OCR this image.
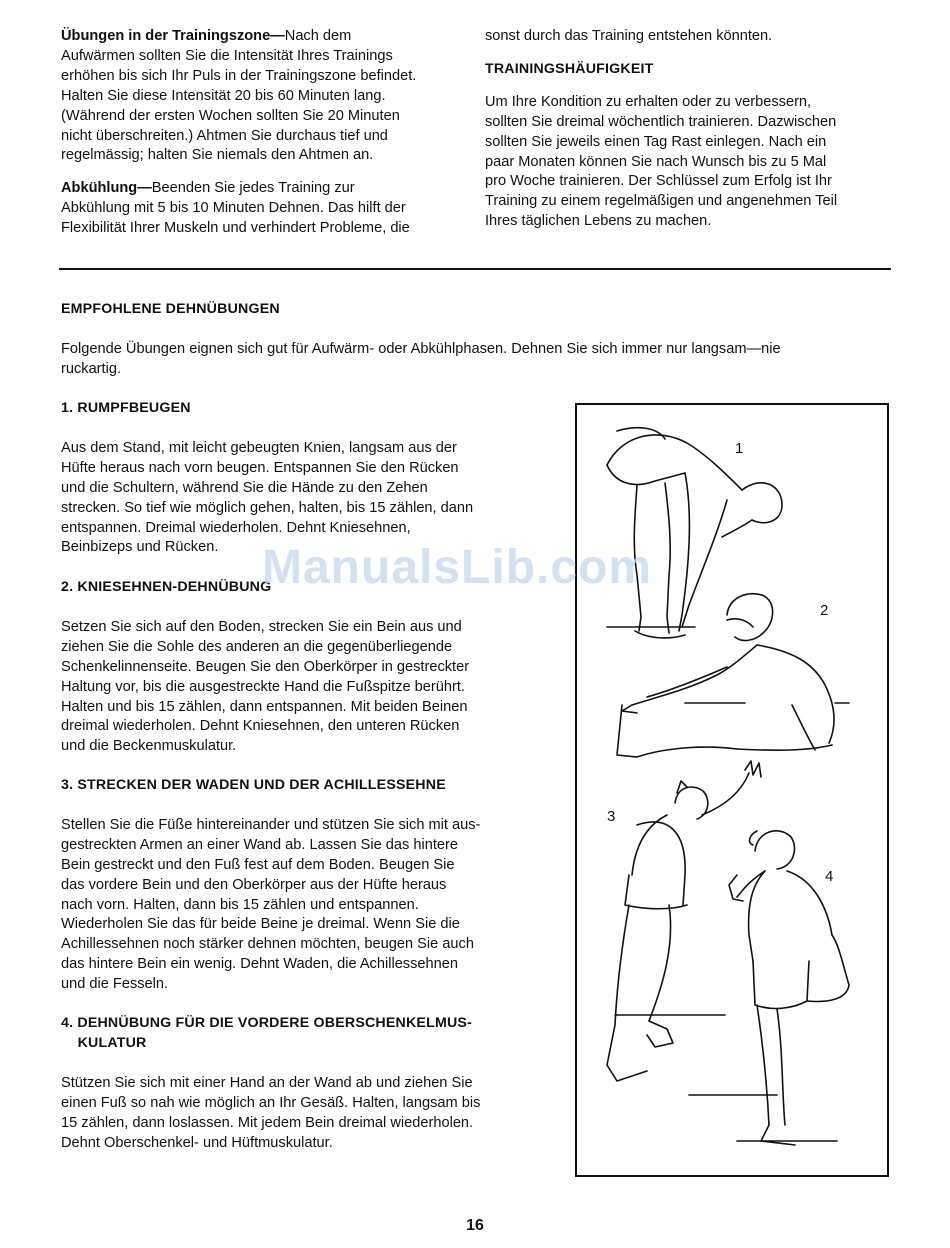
Übungen in der Trainingszone—Nach dem
Aufwärmen sollten Sie die Intensität Ihres Trainings
erhöhen bis sich Ihr Puls in der Trainingszone befindet.
Halten Sie diese Intensität 20 bis 60 Minuten lang.
(Während der ersten Wochen sollten Sie 20 Minuten
nicht überschreiten.) Ahtmen Sie durchaus tief und
regelmässig; halten Sie niemals den Ahtmen an.

Abkühlung—Beenden Sie jedes Training zur
Abkühlung mit 5 bis 10 Minuten Dehnen. Das hilft der
Flexibilität Ihrer Muskeln und verhindert Probleme, die

sonst durch das Training entstehen könnten.

TRAININGSHÄUFIGKEIT

Um Ihre Kondition zu erhalten oder zu verbessern,
sollten Sie dreimal wöchentlich trainieren. Dazwischen
sollten Sie jeweils einen Tag Rast einlegen. Nach ein
paar Monaten können Sie nach Wunsch bis zu 5 Mal
pro Woche trainieren. Der Schlüssel zum Erfolg ist Ihr
Training zu einem regelmäßigen und angenehmen Teil
Ihres täglichen Lebens zu machen.

EMPFOHLENE DEHNÜBUNGEN

Folgende Übungen eignen sich gut für Aufwärm- oder Abkühlphasen. Dehnen Sie sich immer nur langsam—nie
ruckartig.

1. RUMPFBEUGEN

Aus dem Stand, mit leicht gebeugten Knien, langsam aus der
Hüfte heraus nach vorn beugen. Entspannen Sie den Rücken
und die Schultern, während Sie die Hände zu den Zehen
strecken. So tief wie möglich gehen, halten, bis 15 zählen, dann
entspannen. Dreimal wiederholen. Dehnt Kniesehnen,
Beinbizeps und Rücken.

2. KNIESEHNEN-DEHNÜBUNG

Setzen Sie sich auf den Boden, strecken Sie ein Bein aus und
ziehen Sie die Sohle des anderen an die gegenüberliegende
Schenkelinnenseite. Beugen Sie den Oberkörper in gestreckter
Haltung vor, bis die ausgestreckte Hand die Fußspitze berührt.
Halten und bis 15 zählen, dann entspannen. Mit beiden Beinen
dreimal wiederholen. Dehnt Kniesehnen, den unteren Rücken
und die Beckenmuskulatur.

3. STRECKEN DER WADEN UND DER ACHILLESSEHNE

Stellen Sie die Füße hintereinander und stützen Sie sich mit aus-
gestreckten Armen an einer Wand ab. Lassen Sie das hintere
Bein gestreckt und den Fuß fest auf dem Boden. Beugen Sie
das vordere Bein und den Oberkörper aus der Hüfte heraus
nach vorn. Halten, dann bis 15 zählen und entspannen.
Wiederholen Sie das für beide Beine je dreimal. Wenn Sie die
Achillessehnen noch stärker dehnen möchten, beugen Sie auch
das hintere Bein ein wenig. Dehnt Waden, die Achillessehnen
und die Fesseln.

4. DEHNÜBUNG FÜR DIE VORDERE OBERSCHENKELMUS-
KULATUR

Stützen Sie sich mit einer Hand an der Wand ab und ziehen Sie
einen Fuß so nah wie möglich an Ihr Gesäß. Halten, langsam bis
15 zählen, dann loslassen. Mit jedem Bein dreimal wiederholen.
Dehnt Oberschenkel- und Hüftmuskulatur.

1
2
3
4
ManualsLib.com
16
